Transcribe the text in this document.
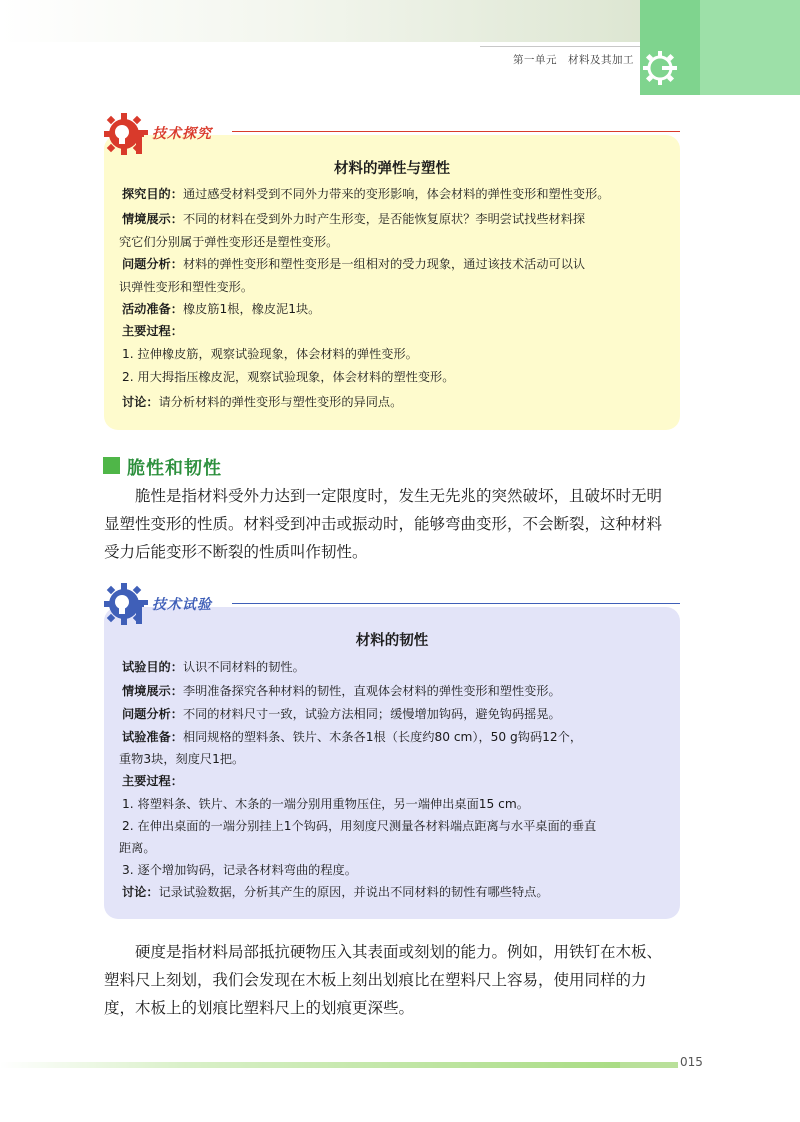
第一单元　材料及其加工
技术探究
材料的弹性与塑性
探究目的：通过感受材料受到不同外力带来的变形影响，体会材料的弹性变形和塑性变形。
情境展示：不同的材料在受到外力时产生形变，是否能恢复原状？李明尝试找些材料探
究它们分别属于弹性变形还是塑性变形。
问题分析：材料的弹性变形和塑性变形是一组相对的受力现象，通过该技术活动可以认
识弹性变形和塑性变形。
活动准备：橡皮筋1根，橡皮泥1块。
主要过程：
1. 拉伸橡皮筋，观察试验现象，体会材料的弹性变形。
2. 用大拇指压橡皮泥，观察试验现象，体会材料的塑性变形。
讨论：请分析材料的弹性变形与塑性变形的异同点。
脆性和韧性
　　脆性是指材料受外力达到一定限度时，发生无先兆的突然破坏，且破坏时无明
显塑性变形的性质。材料受到冲击或振动时，能够弯曲变形，不会断裂，这种材料
受力后能变形不断裂的性质叫作韧性。
技术试验
材料的韧性
试验目的：认识不同材料的韧性。
情境展示：李明准备探究各种材料的韧性，直观体会材料的弹性变形和塑性变形。
问题分析：不同的材料尺寸一致，试验方法相同；缓慢增加钩码，避免钩码摇晃。
试验准备：相同规格的塑料条、铁片、木条各1根（长度约80 cm），50 g钩码12个，
重物3块，刻度尺1把。
主要过程：
1. 将塑料条、铁片、木条的一端分别用重物压住，另一端伸出桌面15 cm。
2. 在伸出桌面的一端分别挂上1个钩码，用刻度尺测量各材料端点距离与水平桌面的垂直
距离。
3. 逐个增加钩码，记录各材料弯曲的程度。
讨论：记录试验数据，分析其产生的原因，并说出不同材料的韧性有哪些特点。
　　硬度是指材料局部抵抗硬物压入其表面或刻划的能力。例如，用铁钉在木板、
塑料尺上刻划，我们会发现在木板上刻出划痕比在塑料尺上容易，使用同样的力
度，木板上的划痕比塑料尺上的划痕更深些。
015
